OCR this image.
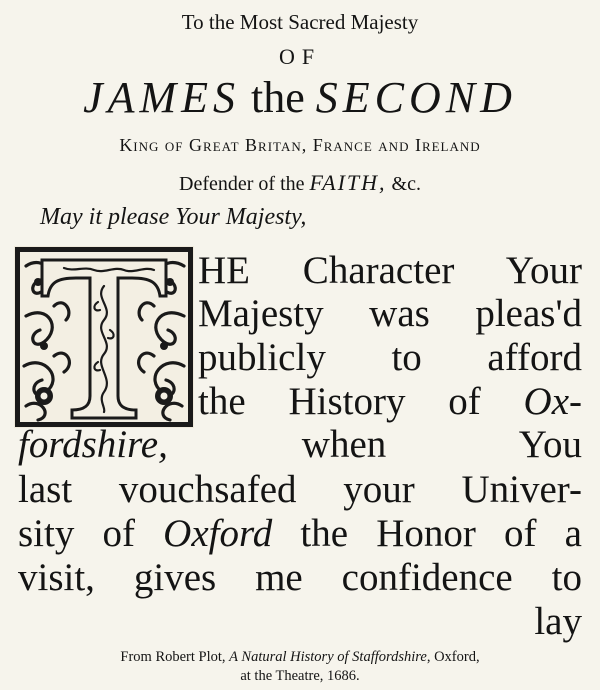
To the Most Sacred Majesty
OF
JAMES the SECOND
King of Great Britan, France and Ireland
Defender of the FAITH, &c.
May it please Your Majesty,
HE Character Your
Majesty was pleas'd
publicly to afford
the History of Ox-
fordshire, when You
last vouchsafed your Univer-
sity of Oxford the Honor of a
visit, gives me confidence to
lay
From Robert Plot, A Natural History of Staffordshire, Oxford,
at the Theatre, 1686.
